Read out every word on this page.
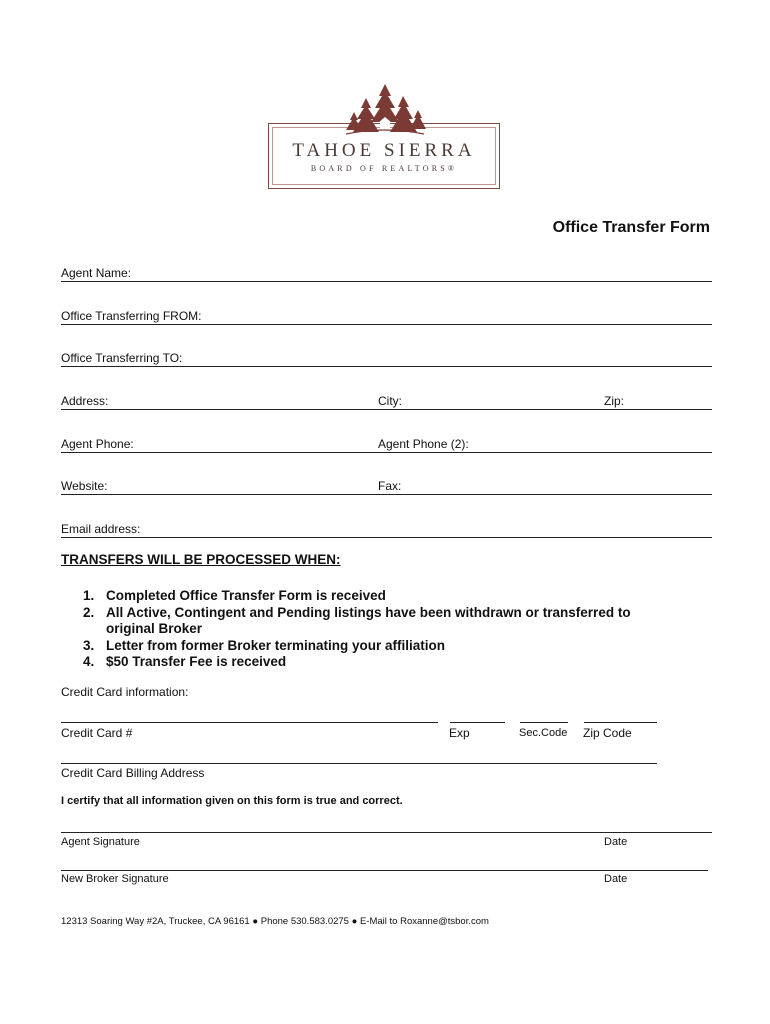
TAHOE SIERRA
BOARD OF REALTORS®
Office Transfer Form
Agent Name:
Office Transferring FROM:
Office Transferring TO:
Address:	City:	Zip:
Agent Phone:	Agent Phone (2):
Website:	Fax:
Email address:
TRANSFERS WILL BE PROCESSED WHEN:
1. Completed Office Transfer Form is received
2. All Active, Contingent and Pending listings have been withdrawn or transferred to
original Broker
3. Letter from former Broker terminating your affiliation
4. $50 Transfer Fee is received
Credit Card information:
Credit Card #	Exp	Sec.Code Zip Code
Credit Card Billing Address
I certify that all information given on this form is true and correct.
Agent Signature	Date
New Broker Signature	Date
12313 Soaring Way #2A, Truckee, CA 96161 ● Phone 530.583.0275 ● E-Mail to Roxanne@tsbor.com
